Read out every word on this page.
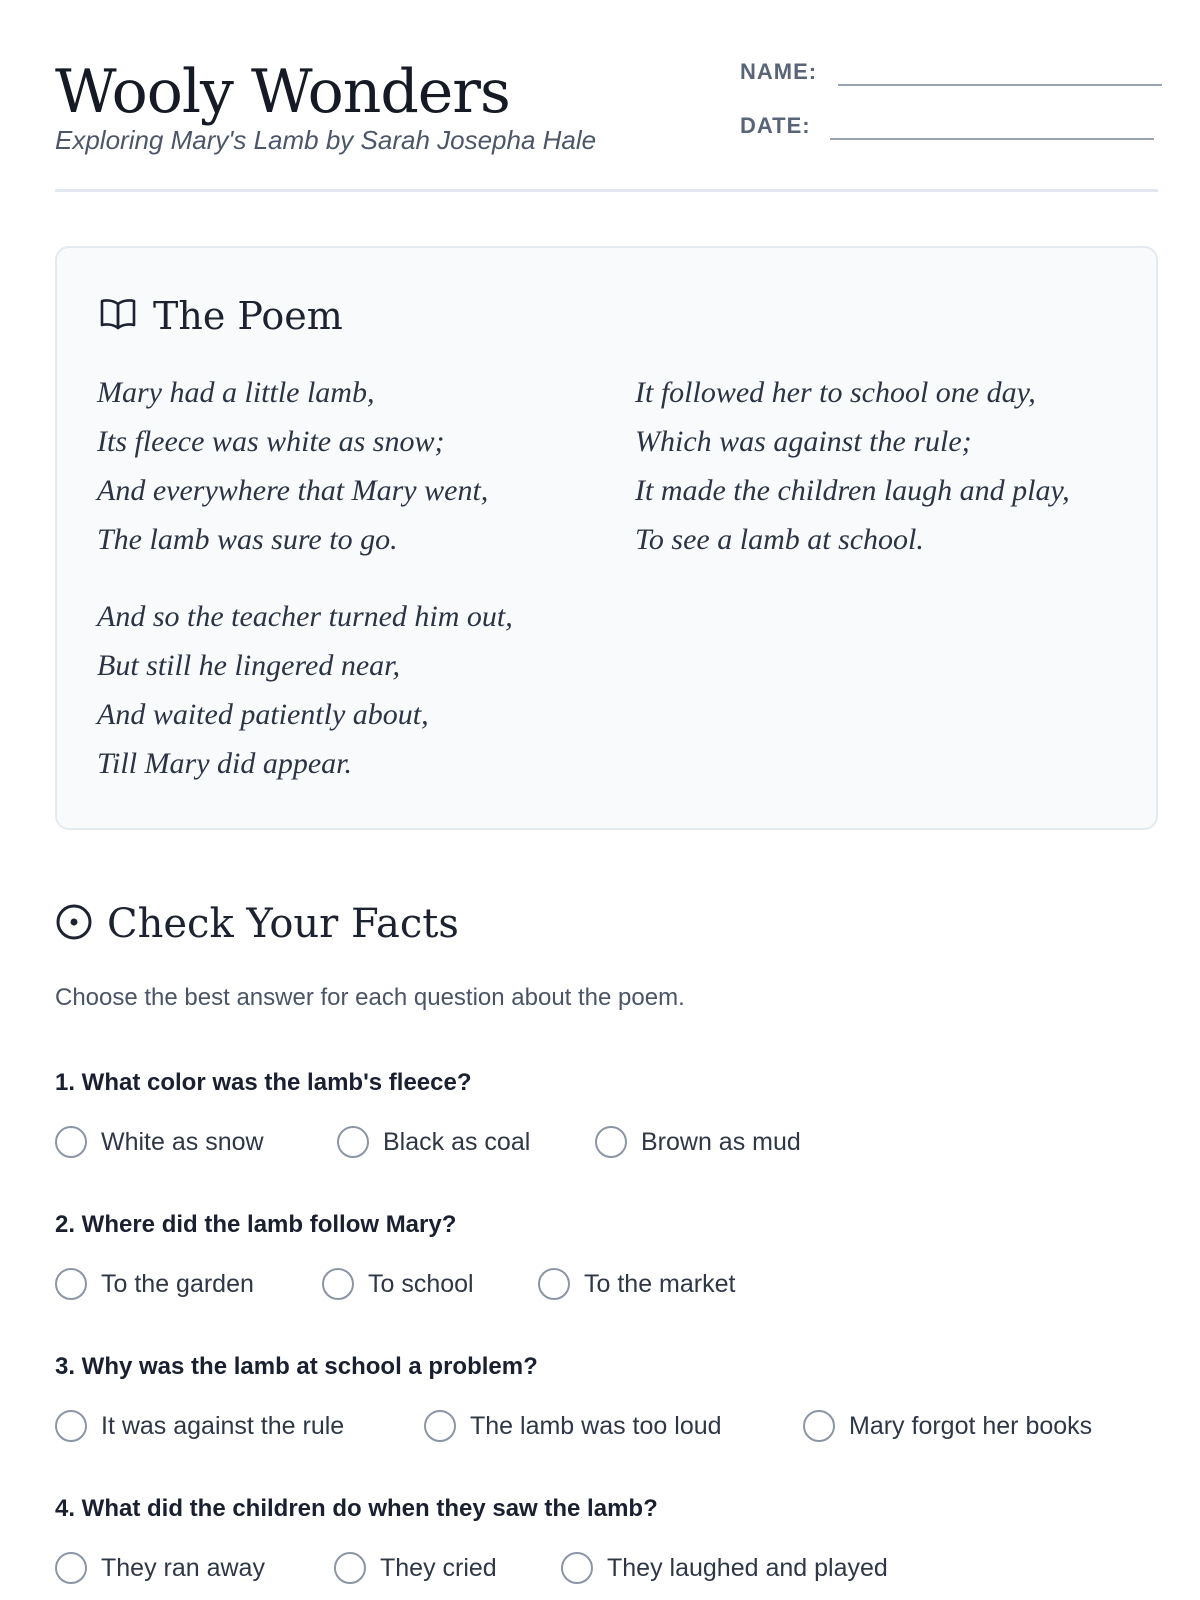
Wooly Wonders
Exploring Mary's Lamb by Sarah Josepha Hale
NAME:
DATE:
The Poem
Mary had a little lamb,
Its fleece was white as snow;
And everywhere that Mary went,
The lamb was sure to go.
It followed her to school one day,
Which was against the rule;
It made the children laugh and play,
To see a lamb at school.
And so the teacher turned him out,
But still he lingered near,
And waited patiently about,
Till Mary did appear.
Check Your Facts
Choose the best answer for each question about the poem.
1. What color was the lamb's fleece?
White as snow	Black as coal	Brown as mud
2. Where did the lamb follow Mary?
To the garden	To school	To the market
3. Why was the lamb at school a problem?
It was against the rule	The lamb was too loud	Mary forgot her books
4. What did the children do when they saw the lamb?
They ran away	They cried	They laughed and played
